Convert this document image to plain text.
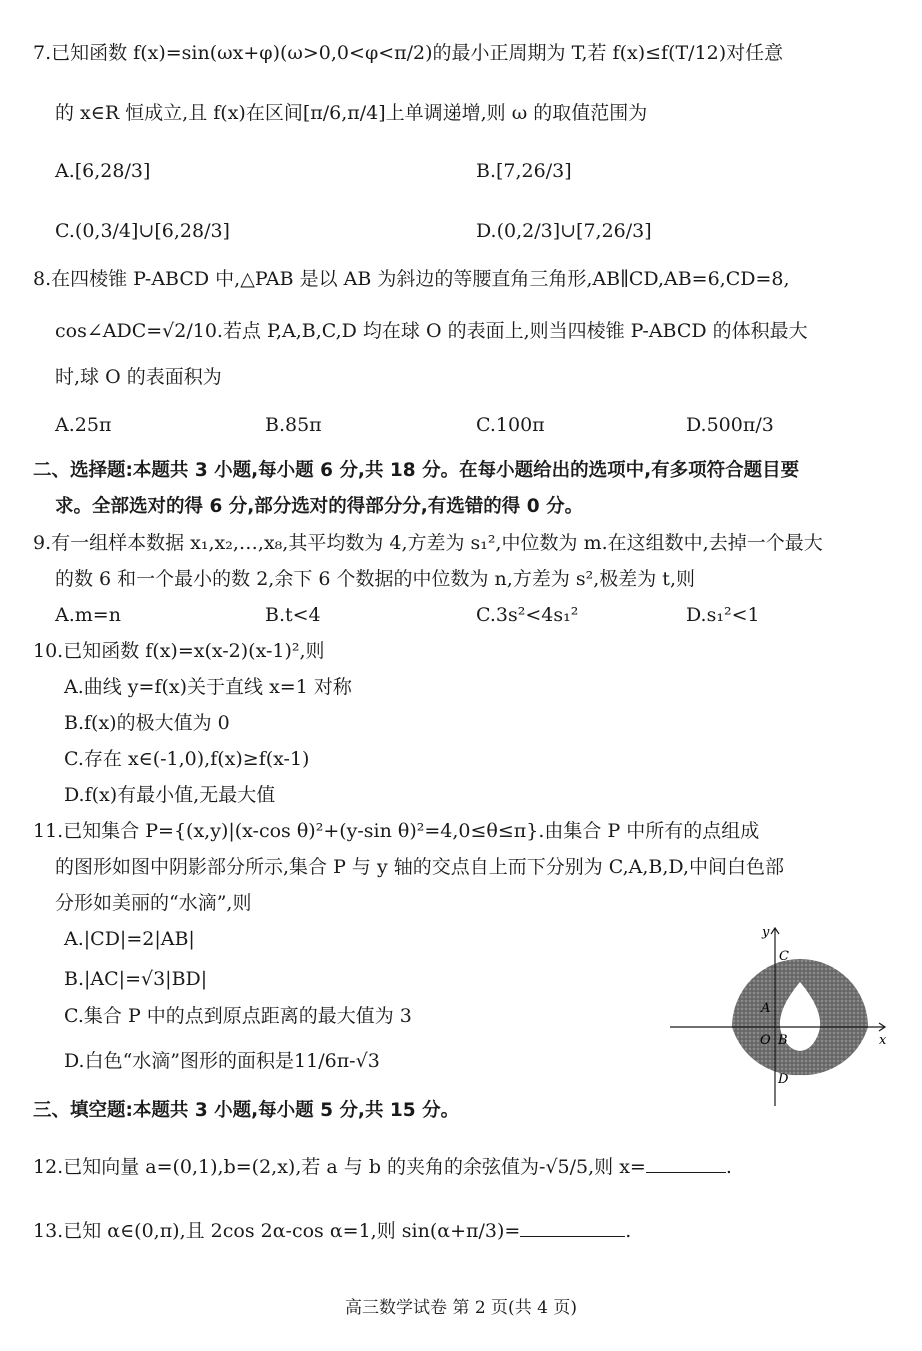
7.已知函数 f(x)=sin(ωx+φ)(ω>0,0<φ<π/2)的最小正周期为 T,若 f(x)≤f(T/12)对任意
的 x∈R 恒成立,且 f(x)在区间[π/6,π/4]上单调递增,则 ω 的取值范围为
A.[6,28/3]	B.[7,26/3]
C.(0,3/4]∪[6,28/3]	D.(0,2/3]∪[7,26/3]
8.在四棱锥 P-ABCD 中,△PAB 是以 AB 为斜边的等腰直角三角形,AB∥CD,AB=6,CD=8,
cos∠ADC=√2/10.若点 P,A,B,C,D 均在球 O 的表面上,则当四棱锥 P-ABCD 的体积最大
时,球 O 的表面积为
A.25π	B.85π	C.100π	D.500π/3
二、选择题:本题共 3 小题,每小题 6 分,共 18 分。在每小题给出的选项中,有多项符合题目要
求。全部选对的得 6 分,部分选对的得部分分,有选错的得 0 分。
9.有一组样本数据 x₁,x₂,…,x₈,其平均数为 4,方差为 s₁²,中位数为 m.在这组数中,去掉一个最大
的数 6 和一个最小的数 2,余下 6 个数据的中位数为 n,方差为 s²,极差为 t,则
A.m=n	B.t<4	C.3s²<4s₁²	D.s₁²<1
10.已知函数 f(x)=x(x-2)(x-1)²,则
A.曲线 y=f(x)关于直线 x=1 对称
B.f(x)的极大值为 0
C.存在 x∈(-1,0),f(x)≥f(x-1)
D.f(x)有最小值,无最大值
11.已知集合 P={(x,y)|(x-cos θ)²+(y-sin θ)²=4,0≤θ≤π}.由集合 P 中所有的点组成
的图形如图中阴影部分所示,集合 P 与 y 轴的交点自上而下分别为 C,A,B,D,中间白色部
分形如美丽的“水滴”,则
A.|CD|=2|AB|
B.|AC|=√3|BD|
C.集合 P 中的点到原点距离的最大值为 3
D.白色“水滴”图形的面积是11/6π-√3
y
x
C
A
O B
D
三、填空题:本题共 3 小题,每小题 5 分,共 15 分。
12.已知向量 a=(0,1),b=(2,x),若 a 与 b 的夹角的余弦值为-√5/5,则 x=	.
13.已知 α∈(0,π),且 2cos 2α-cos α=1,则 sin(α+π/3)=	.
高三数学试卷 第 2 页(共 4 页)
